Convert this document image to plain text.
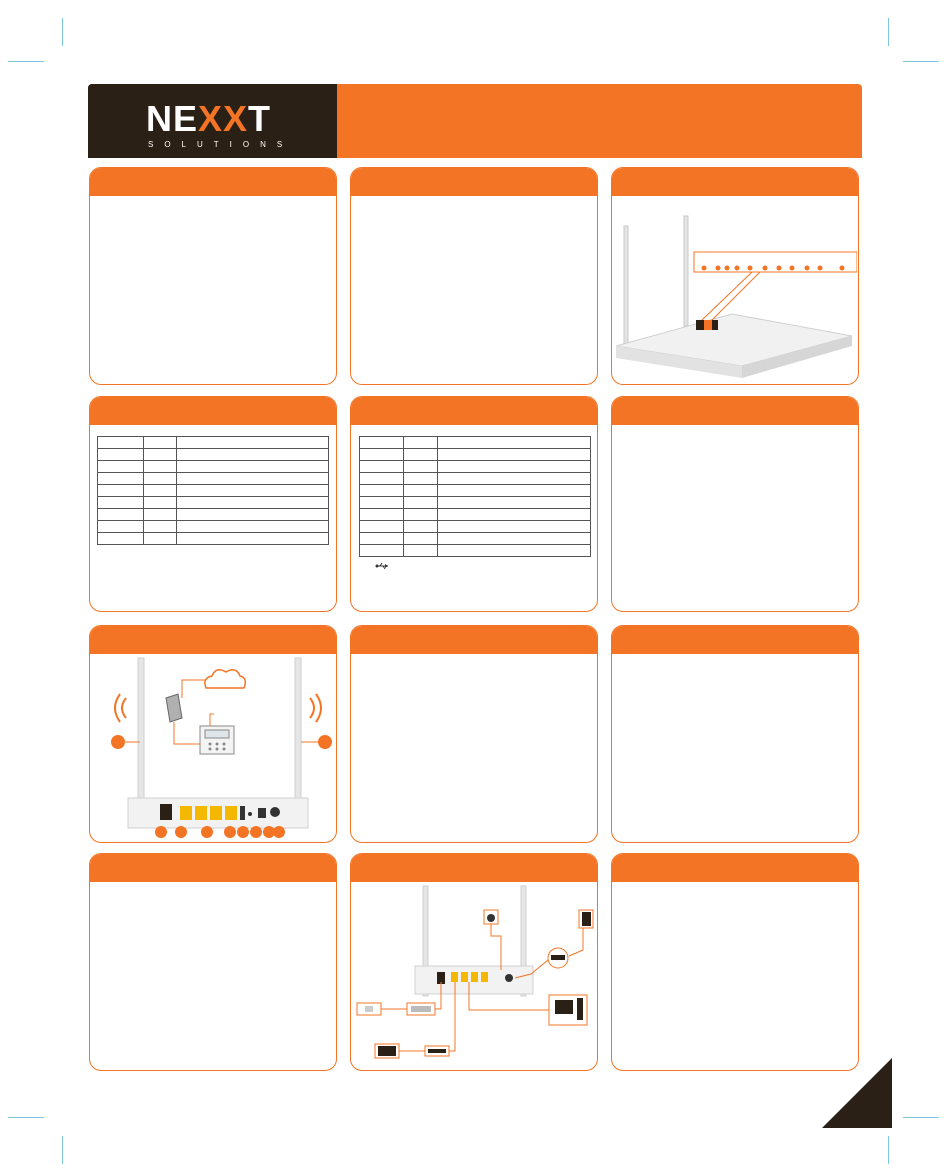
NEXXT
SOLUTIONS
